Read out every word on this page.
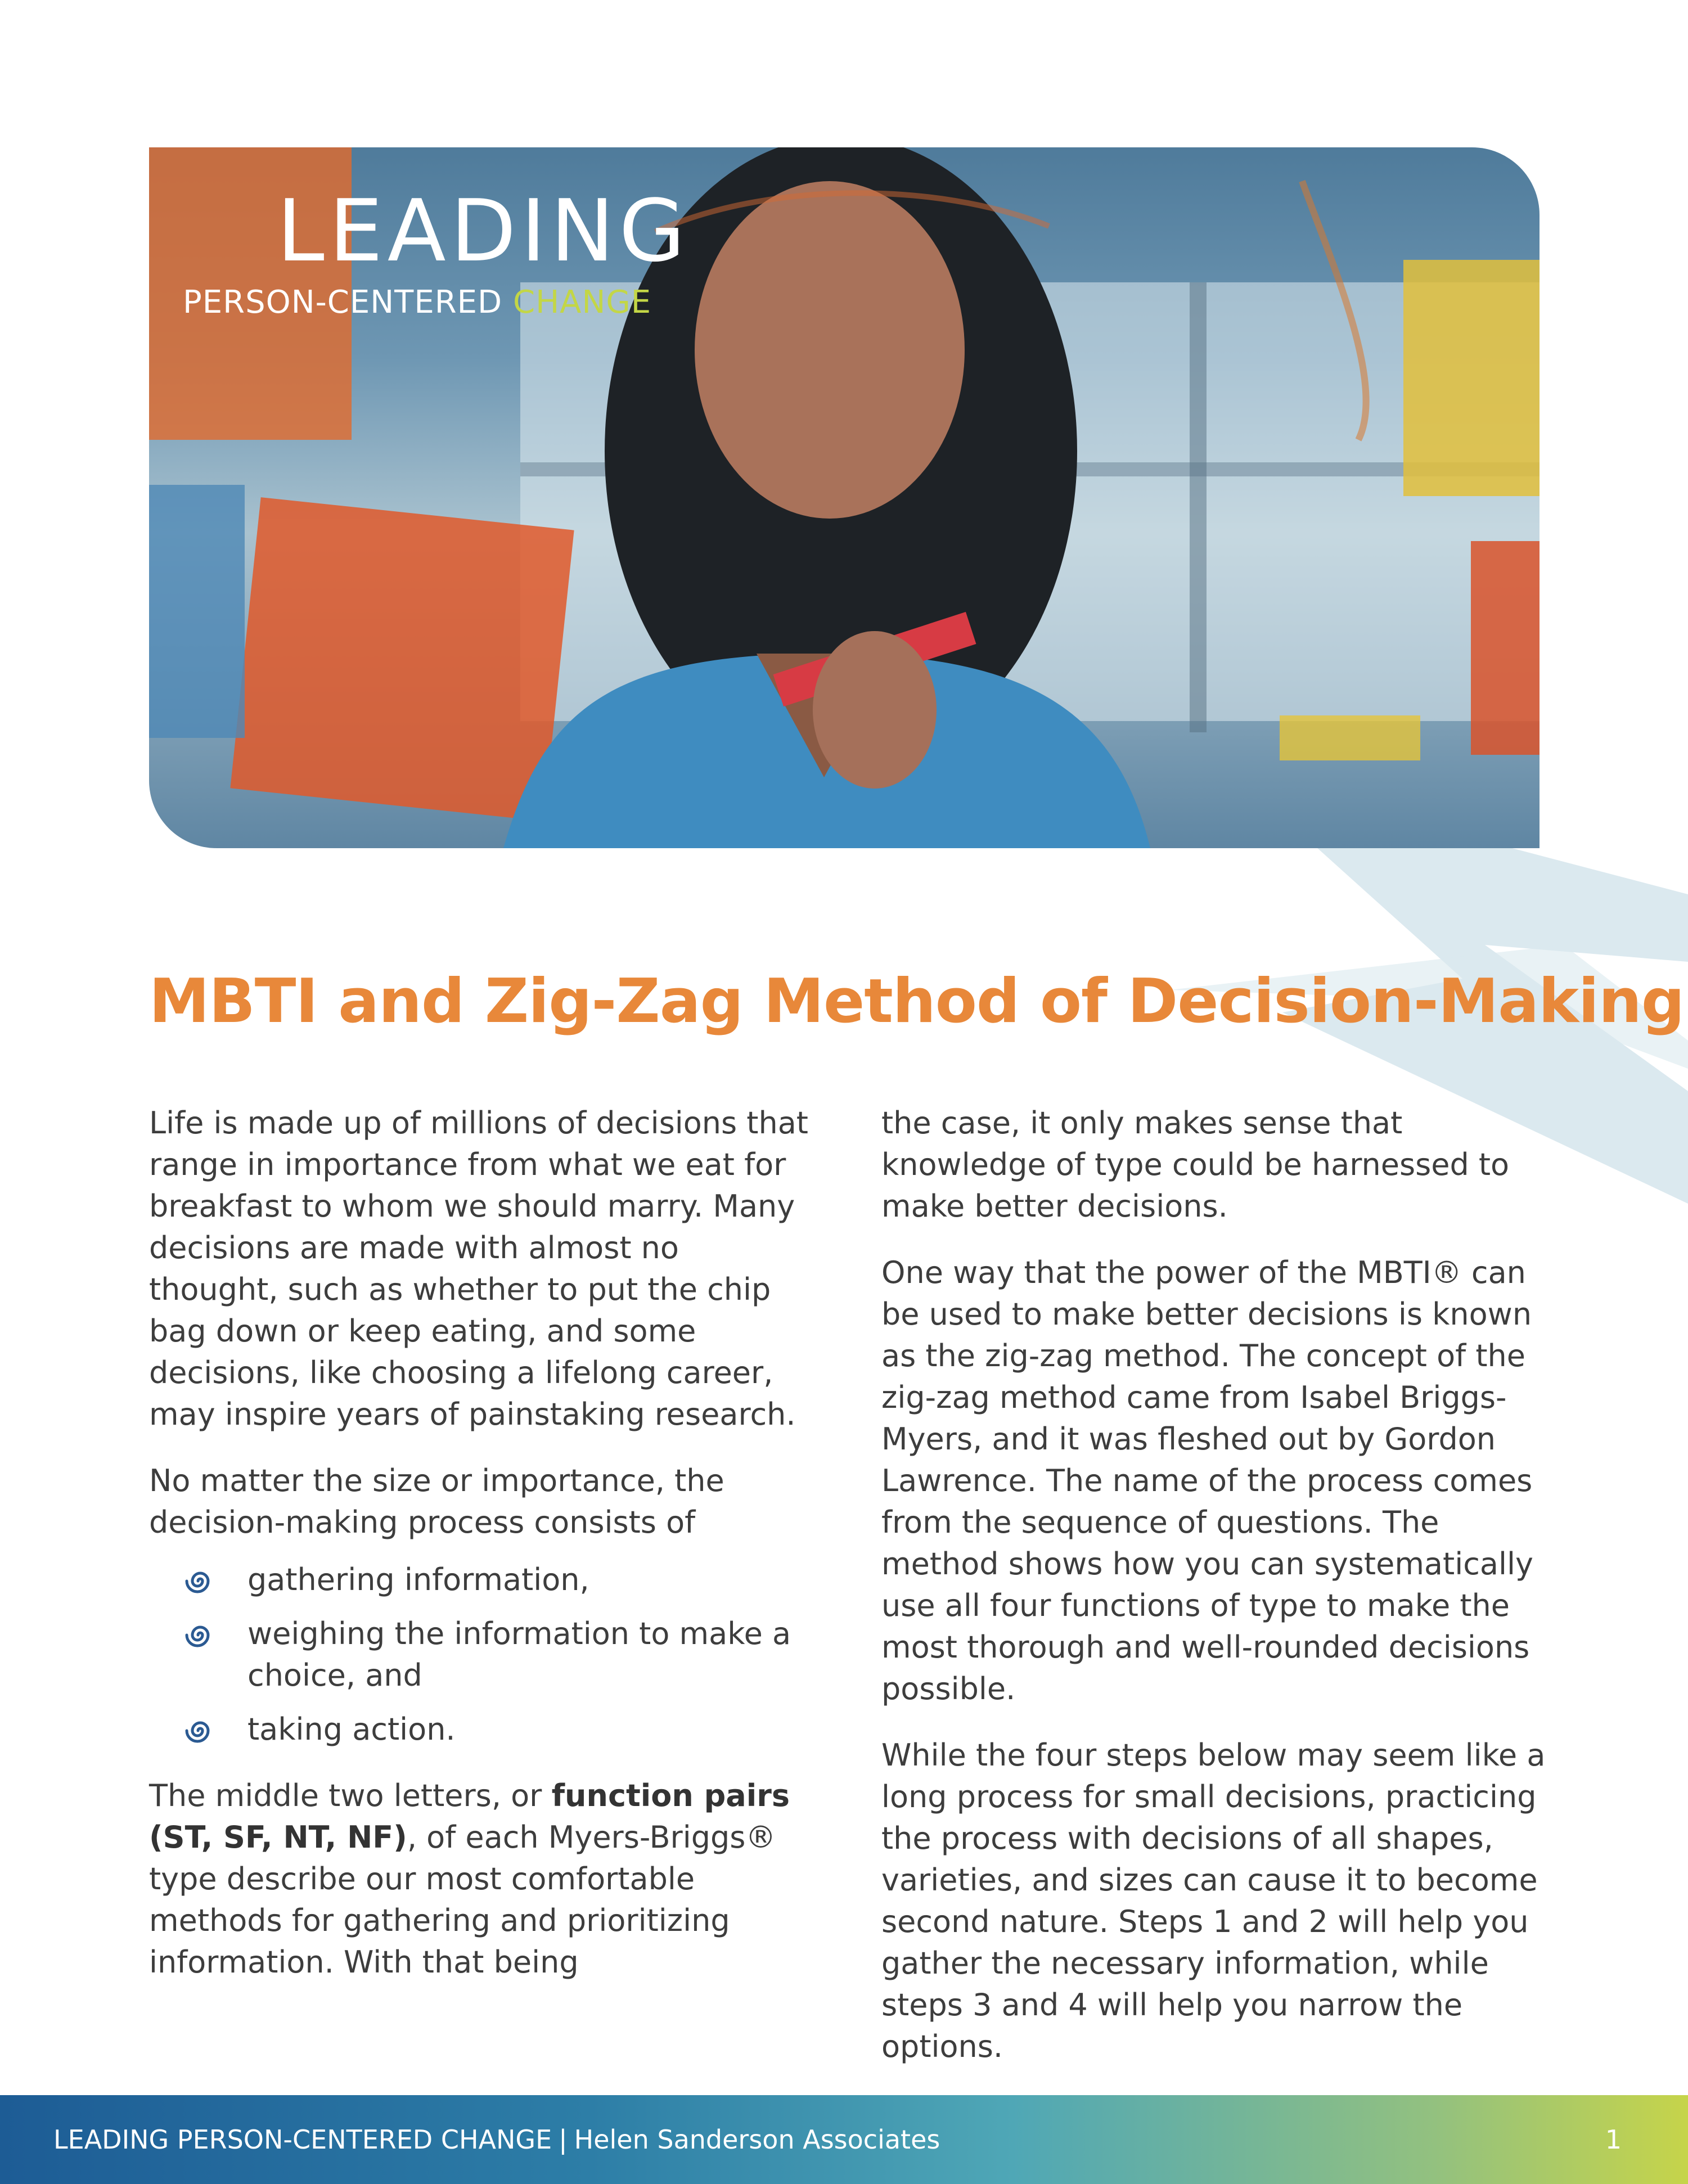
LEADING
PERSON-CENTERED CHANGE
MBTI and Zig-Zag Method of Decision-Making

Life is made up of millions of decisions that range in importance from what we eat for breakfast to whom we should marry. Many decisions are made with almost no thought, such as whether to put the chip bag down or keep eating, and some decisions, like choosing a lifelong career, may inspire years of painstaking research.

No matter the size or importance, the decision-making process consists of

gathering information,
weighing the information to make a choice, and
taking action.

The middle two letters, or function pairs (ST, SF, NT, NF), of each Myers-Briggs® type describe our most comfortable methods for gathering and prioritizing information. With that being

the case, it only makes sense that knowledge of type could be harnessed to make better decisions.

One way that the power of the MBTI® can be used to make better decisions is known as the zig-zag method. The concept of the zig-zag method came from Isabel Briggs-Myers, and it was fleshed out by Gordon Lawrence. The name of the process comes from the sequence of questions. The method shows how you can systematically use all four functions of type to make the most thorough and well-rounded decisions possible.

While the four steps below may seem like a long process for small decisions, practicing the process with decisions of all shapes, varieties, and sizes can cause it to become second nature. Steps 1 and 2 will help you gather the necessary information, while steps 3 and 4 will help you narrow the options.

LEADING PERSON-CENTERED CHANGE | Helen Sanderson Associates	1
